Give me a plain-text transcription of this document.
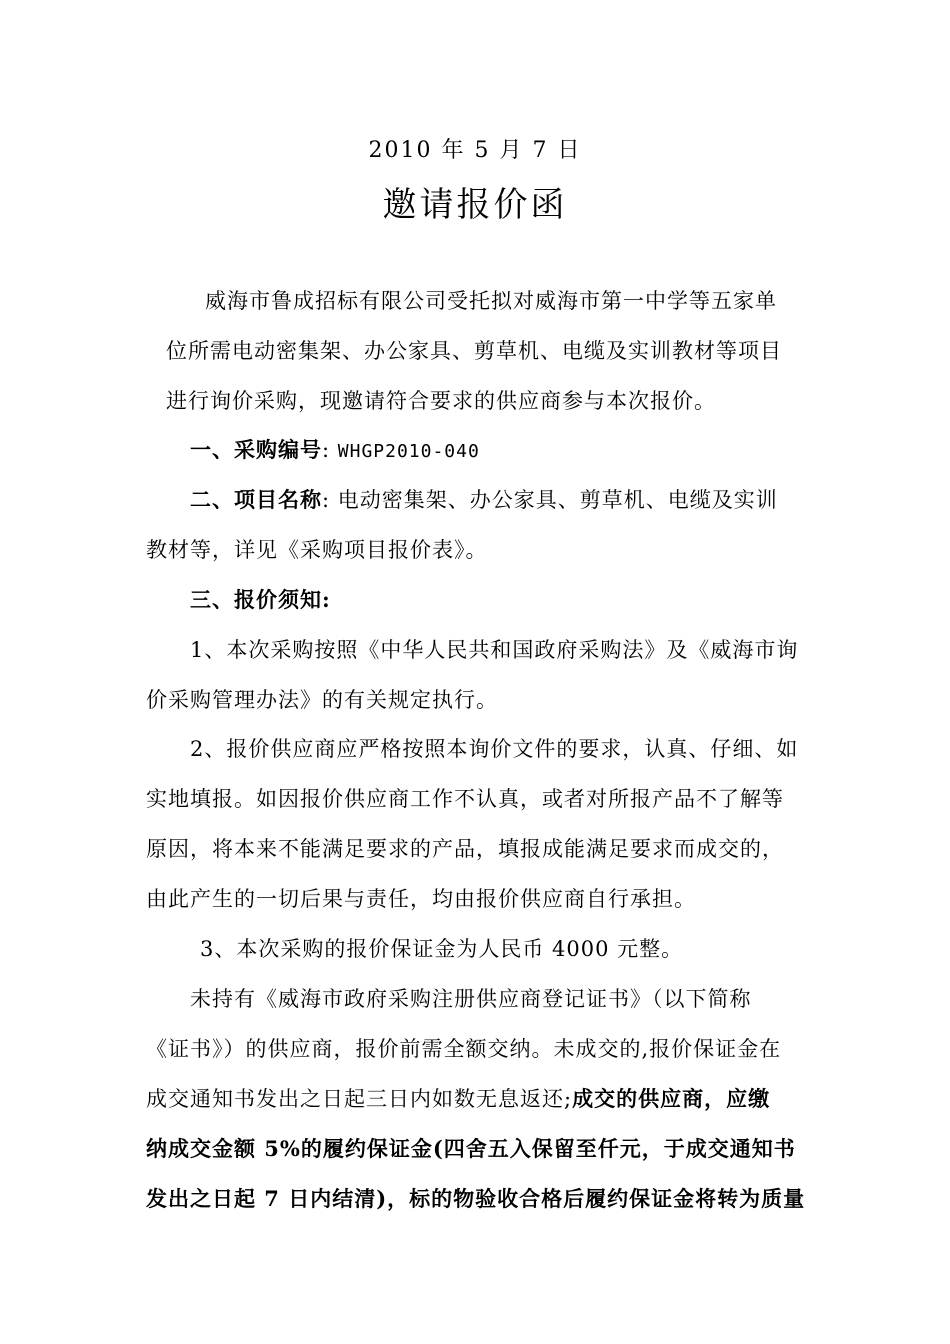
2010 年 5 月 7 日
邀请报价函
威海市鲁成招标有限公司受托拟对威海市第一中学等五家单
位所需电动密集架、办公家具、剪草机、电缆及实训教材等项目
进行询价采购，现邀请符合要求的供应商参与本次报价。
一、采购编号: WHGP2010-040
二、项目名称: 电动密集架、办公家具、剪草机、电缆及实训
教材等，详见《采购项目报价表》。
三、报价须知:
1、本次采购按照《中华人民共和国政府采购法》及《威海市询
价采购管理办法》的有关规定执行。
2、报价供应商应严格按照本询价文件的要求，认真、仔细、如
实地填报。如因报价供应商工作不认真，或者对所报产品不了解等
原因，将本来不能满足要求的产品，填报成能满足要求而成交的，
由此产生的一切后果与责任，均由报价供应商自行承担。
3、本次采购的报价保证金为人民币 4000 元整。
未持有《威海市政府采购注册供应商登记证书》（以下简称
《证书》）的供应商，报价前需全额交纳。未成交的,报价保证金在
成交通知书发出之日起三日内如数无息返还;成交的供应商，应缴
纳成交金额 5%的履约保证金(四舍五入保留至仟元，于成交通知书
发出之日起 7 日内结清)，标的物验收合格后履约保证金将转为质量
